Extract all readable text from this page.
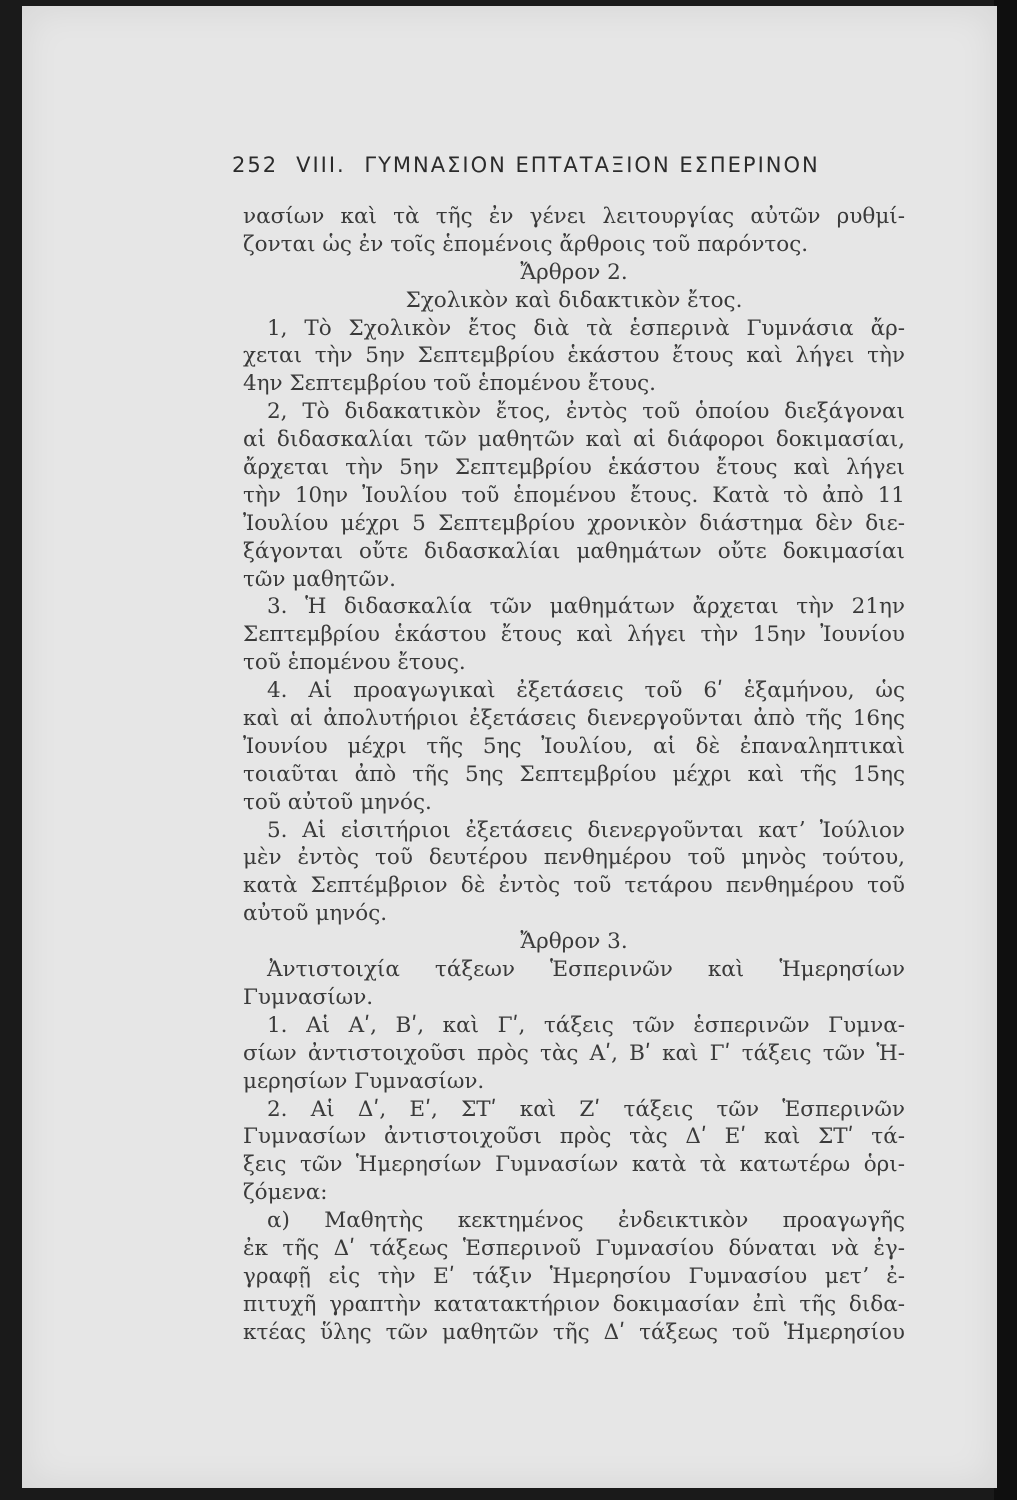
252 VIII. ΓΥΜΝΑΣΙΟΝ ΕΠΤΑΤΑΞΙΟΝ ΕΣΠΕΡΙΝΟΝ
νασίων καὶ τὰ τῆς ἐν γένει λειτουργίας αὐτῶν ρυθμί-
ζονται ὡς ἐν τοῖς ἑπομένοις ἄρθροις τοῦ παρόντος.
Ἄρθρον 2.
Σχολικὸν καὶ διδακτικὸν ἔτος.
1, Τὸ Σχολικὸν ἔτος διὰ τὰ ἑσπερινὰ Γυμνάσια ἄρ-
χεται τὴν 5ην Σεπτεμβρίου ἑκάστου ἔτους καὶ λήγει τὴν
4ην Σεπτεμβρίου τοῦ ἑπομένου ἔτους.
2, Τὸ διδακατικὸν ἔτος, ἐντὸς τοῦ ὁποίου διεξάγοναι
αἱ διδασκαλίαι τῶν μαθητῶν καὶ αἱ διάφοροι δοκιμασίαι,
ἄρχεται τὴν 5ην Σεπτεμβρίου ἑκάστου ἔτους καὶ λήγει
τὴν 10ην Ἰουλίου τοῦ ἑπομένου ἔτους. Κατὰ τὸ ἀπὸ 11
Ἰουλίου μέχρι 5 Σεπτεμβρίου χρονικὸν διάστημα δὲν διε-
ξάγονται οὔτε διδασκαλίαι μαθημάτων οὔτε δοκιμασίαι
τῶν μαθητῶν.
3. Ἡ διδασκαλία τῶν μαθημάτων ἄρχεται τὴν 21ην
Σεπτεμβρίου ἑκάστου ἔτους καὶ λήγει τὴν 15ην Ἰουνίου
τοῦ ἑπομένου ἔτους.
4. Αἱ προαγωγικαὶ ἐξετάσεις τοῦ 6ʹ ἑξαμήνου, ὡς
καὶ αἱ ἀπολυτήριοι ἐξετάσεις διενεργοῦνται ἀπὸ τῆς 16ης
Ἰουνίου μέχρι τῆς 5ης Ἰουλίου, αἱ δὲ ἐπαναληπτικαὶ
τοιαῦται ἀπὸ τῆς 5ης Σεπτεμβρίου μέχρι καὶ τῆς 15ης
τοῦ αὐτοῦ μηνός.
5. Αἱ εἰσιτήριοι ἐξετάσεις διενεργοῦνται κατʼ Ἰούλιον
μὲν ἐντὸς τοῦ δευτέρου πενθημέρου τοῦ μηνὸς τούτου,
κατὰ Σεπτέμβριον δὲ ἐντὸς τοῦ τετάρου πενθημέρου τοῦ
αὐτοῦ μηνός.
Ἄρθρον 3.
Ἀντιστοιχία τάξεων Ἑσπερινῶν καὶ Ἡμερησίων
Γυμνασίων.
1. Αἱ Αʹ, Βʹ, καὶ Γʹ, τάξεις τῶν ἑσπερινῶν Γυμνα-
σίων ἀντιστοιχοῦσι πρὸς τὰς Αʹ, Βʹ καὶ Γʹ τάξεις τῶν Ἡ-
μερησίων Γυμνασίων.
2. Αἱ Δʹ, Εʹ, ΣΤʹ καὶ Ζʹ τάξεις τῶν Ἑσπερινῶν
Γυμνασίων ἀντιστοιχοῦσι πρὸς τὰς Δʹ Εʹ καὶ ΣΤʹ τά-
ξεις τῶν Ἡμερησίων Γυμνασίων κατὰ τὰ κατωτέρω ὁρι-
ζόμενα:
α) Μαθητὴς κεκτημένος ἐνδεικτικὸν προαγωγῆς
ἐκ τῆς Δʹ τάξεως Ἑσπερινοῦ Γυμνασίου δύναται νὰ ἐγ-
γραφῇ εἰς τὴν Εʹ τάξιν Ἡμερησίου Γυμνασίου μετʼ ἐ-
πιτυχῆ γραπτὴν κατατακτήριον δοκιμασίαν ἐπὶ τῆς διδα-
κτέας ὕλης τῶν μαθητῶν τῆς Δʹ τάξεως τοῦ Ἡμερησίου
